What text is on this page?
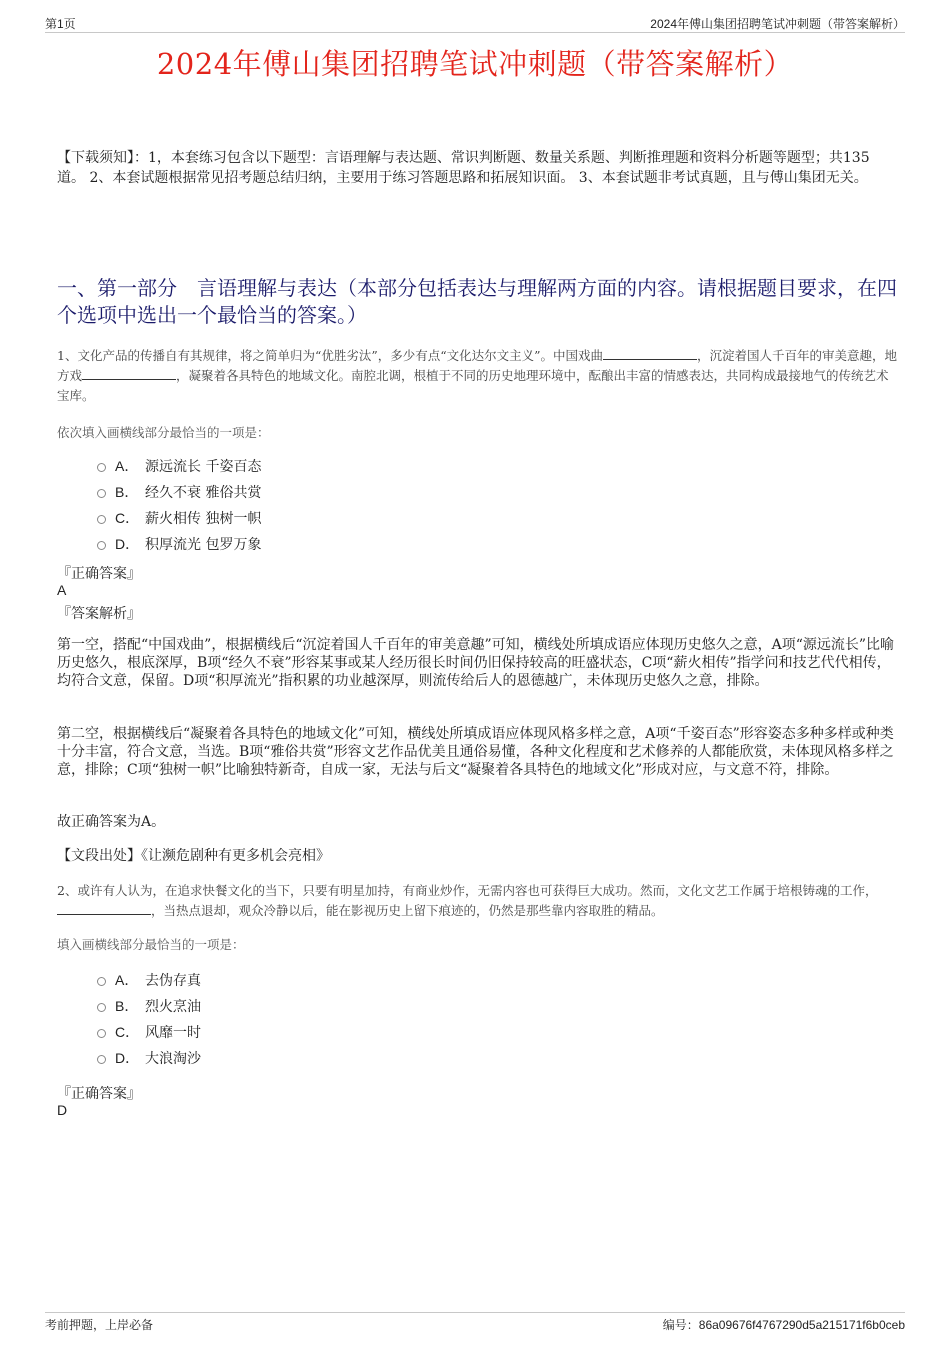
第1页	2024年傅山集团招聘笔试冲刺题（带答案解析）
2024年傅山集团招聘笔试冲刺题（带答案解析）
【下载须知】：1，本套练习包含以下题型：言语理解与表达题、常识判断题、数量关系题、判断推理题和资料分析题等题型；共135道。 2、本套试题根据常见招考题总结归纳，主要用于练习答题思路和拓展知识面。 3、本套试题非考试真题，且与傅山集团无关。
一、第一部分　言语理解与表达（本部分包括表达与理解两方面的内容。请根据题目要求，在四个选项中选出一个最恰当的答案。）
1、文化产品的传播自有其规律，将之简单归为“优胜劣汰”，多少有点“文化达尔文主义”。中国戏曲	，沉淀着国人千百年的审美意趣，地方戏	，凝聚着各具特色的地域文化。南腔北调，根植于不同的历史地理环境中，酝酿出丰富的情感表达，共同构成最接地气的传统艺术宝库。
依次填入画横线部分最恰当的一项是：
A． 源远流长 千姿百态
B． 经久不衰 雅俗共赏
C． 薪火相传 独树一帜
D． 积厚流光 包罗万象
『正确答案』
A
『答案解析』
第一空，搭配“中国戏曲”，根据横线后“沉淀着国人千百年的审美意趣”可知，横线处所填成语应体现历史悠久之意，A项“源远流长”比喻历史悠久，根底深厚，B项“经久不衰”形容某事或某人经历很长时间仍旧保持较高的旺盛状态，C项“薪火相传”指学问和技艺代代相传，均符合文意，保留。D项“积厚流光”指积累的功业越深厚，则流传给后人的恩德越广，未体现历史悠久之意，排除。
第二空，根据横线后“凝聚着各具特色的地域文化”可知，横线处所填成语应体现风格多样之意，A项“千姿百态”形容姿态多种多样或种类十分丰富，符合文意，当选。B项“雅俗共赏”形容文艺作品优美且通俗易懂，各种文化程度和艺术修养的人都能欣赏，未体现风格多样之意，排除；C项“独树一帜”比喻独特新奇，自成一家，无法与后文“凝聚着各具特色的地域文化”形成对应，与文意不符，排除。
故正确答案为A。
【文段出处】《让濒危剧种有更多机会亮相》
2、或许有人认为，在追求快餐文化的当下，只要有明星加持，有商业炒作，无需内容也可获得巨大成功。然而，文化文艺工作属于培根铸魂的工作，　，当热点退却，观众冷静以后，能在影视历史上留下痕迹的，仍然是那些靠内容取胜的精品。
填入画横线部分最恰当的一项是：
A． 去伪存真
B． 烈火烹油
C． 风靡一时
D． 大浪淘沙
『正确答案』
D
考前押题，上岸必备	编号：86a09676f4767290d5a215171f6b0ceb
